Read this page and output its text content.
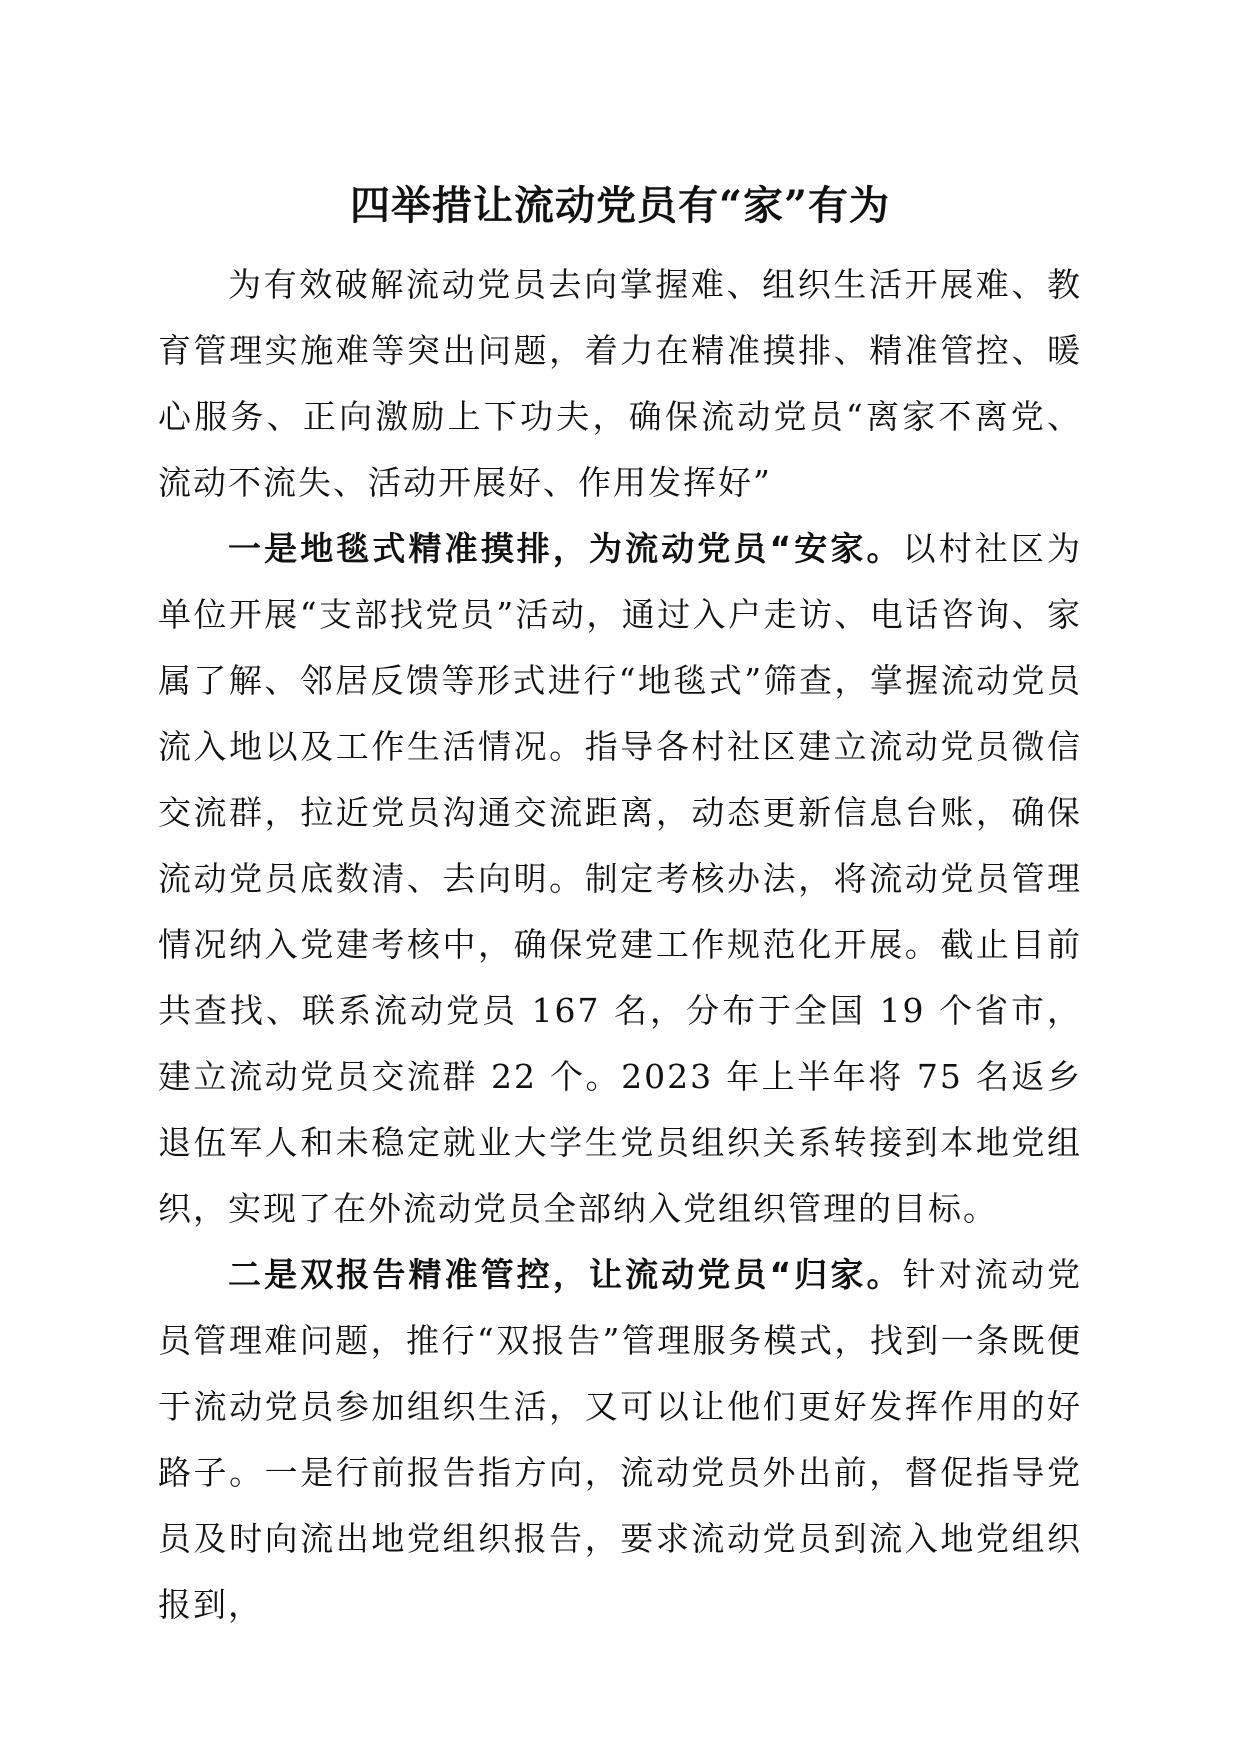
四举措让流动党员有“家”有为

为有效破解流动党员去向掌握难、组织生活开展难、教育管理实施难等突出问题，着力在精准摸排、精准管控、暖心服务、正向激励上下功夫，确保流动党员“离家不离党、流动不流失、活动开展好、作用发挥好”

一是地毯式精准摸排，为流动党员“安家。以村社区为单位开展“支部找党员”活动，通过入户走访、电话咨询、家属了解、邻居反馈等形式进行“地毯式”筛查，掌握流动党员流入地以及工作生活情况。指导各村社区建立流动党员微信交流群，拉近党员沟通交流距离，动态更新信息台账，确保流动党员底数清、去向明。制定考核办法，将流动党员管理情况纳入党建考核中，确保党建工作规范化开展。截止目前共查找、联系流动党员 167 名，分布于全国 19 个省市，建立流动党员交流群 22 个。2023 年上半年将 75 名返乡退伍军人和未稳定就业大学生党员组织关系转接到本地党组织，实现了在外流动党员全部纳入党组织管理的目标。

二是双报告精准管控，让流动党员“归家。针对流动党员管理难问题，推行“双报告”管理服务模式，找到一条既便于流动党员参加组织生活，又可以让他们更好发挥作用的好路子。一是行前报告指方向，流动党员外出前，督促指导党员及时向流出地党组织报告，要求流动党员到流入地党组织报到，
